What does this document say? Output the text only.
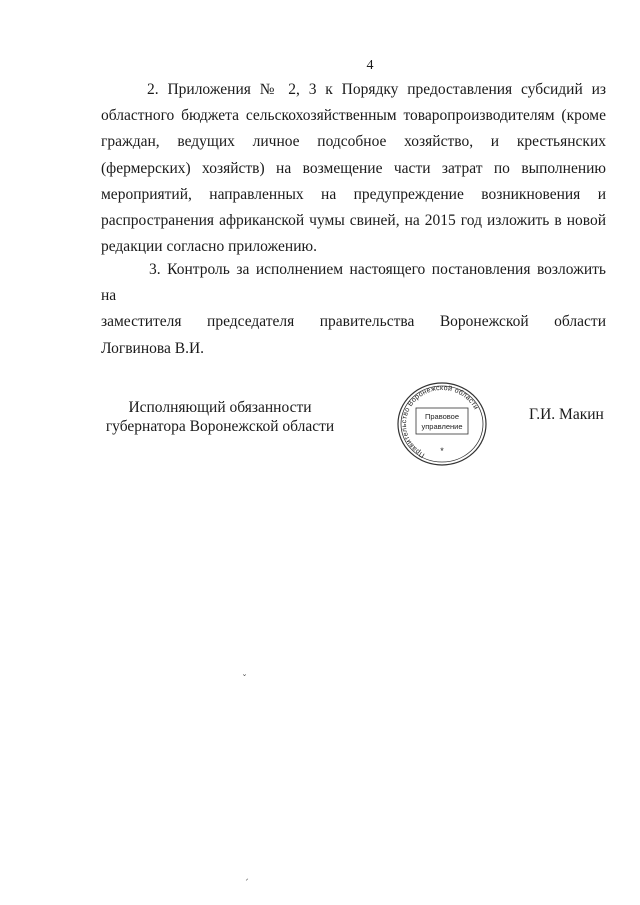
4
2. Приложения № 2, 3 к Порядку предоставления субсидий из областного бюджета сельскохозяйственным товаропроизводителям (кроме граждан, ведущих личное подсобное хозяйство, и крестьянских (фермерских) хозяйств) на возмещение части затрат по выполнению мероприятий, направленных на предупреждение возникновения и распространения африканской чумы свиней, на 2015 год изложить в новой редакции согласно приложению.
3. Контроль за исполнением настоящего постановления возложить на
заместителя председателя правительства Воронежской области
Логвинова В.И.
Исполняющий обязанности
губернатора Воронежской области
Правительство Воронежской области
Правовое
управление
*
Г.И. Макин
ˇ
ˏ
